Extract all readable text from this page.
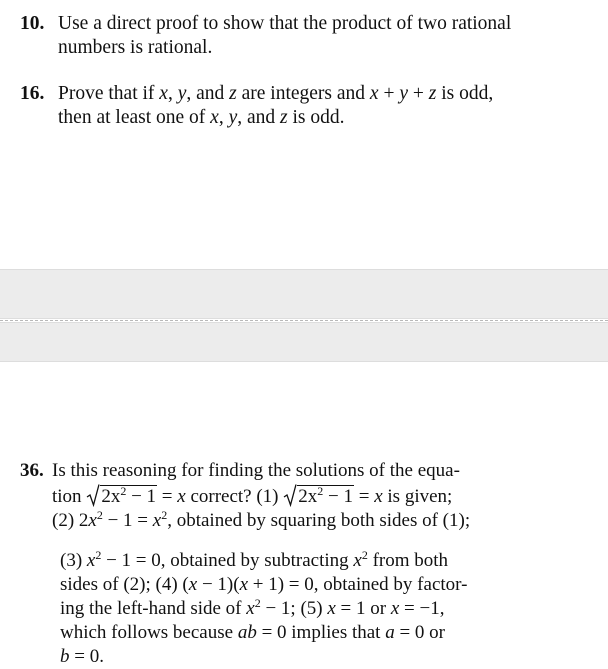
10. Use a direct proof to show that the product of two rational
numbers is rational.
16. Prove that if x, y, and z are integers and x + y + z is odd,
then at least one of x, y, and z is odd.
36. Is this reasoning for finding the solutions of the equa-
tion
$2x^2 - 1 = x$ correct? (1)
$2x^2 - 1 = x$ is given;
(2) $2x^2 - 1 = x^2$, obtained by squaring both sides of (1);
(3) $x^2 - 1 = 0$, obtained by subtracting $x^2$ from both
sides of (2); (4) (x − 1)(x + 1) = 0, obtained by factor-
ing the left-hand side of $x^2 - 1$; (5) x = 1 or x = −1,
which follows because ab = 0 implies that a = 0 or
b = 0.
